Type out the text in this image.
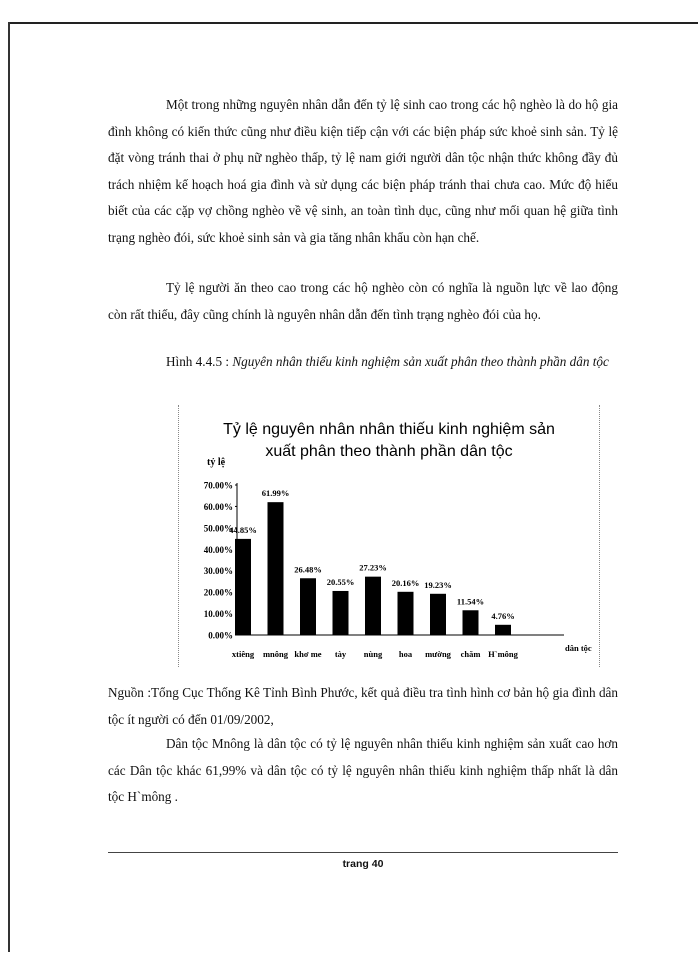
Một trong những nguyên nhân dẫn đến tỷ lệ sinh cao trong các hộ nghèo là do hộ gia đình không có kiến thức cũng như điều kiện tiếp cận với các biện pháp sức khoẻ sinh sản. Tỷ lệ đặt vòng tránh thai ở phụ nữ nghèo thấp, tỷ lệ nam giới người dân tộc nhận thức không đầy đủ trách nhiệm kế hoạch hoá gia đình và sử dụng các biện pháp tránh thai chưa cao. Mức độ hiểu biết của các cặp vợ chồng nghèo về vệ sinh, an toàn tình dục, cũng như mối quan hệ giữa tình trạng nghèo đói, sức khoẻ sinh sản và gia tăng nhân khẩu còn hạn chế.

Tỷ lệ người ăn theo cao trong các hộ nghèo còn có nghĩa là nguồn lực về lao động còn rất thiếu, đây cũng chính là nguyên nhân dẫn đến tình trạng nghèo đói của họ.

Hình 4.4.5 : Nguyên nhân thiếu kinh nghiệm sản xuất phân theo thành phần dân tộc

Tỷ lệ nguyên nhân nhân thiếu kinh nghiệm sản
xuất phân theo thành phần dân tộc
tỷ lệ
0.00%
10.00%
20.00%
30.00%
40.00%
50.00%
60.00%
70.00%
44.85%
xtiêng
61.99%
mnông
26.48%
khơ me
20.55%
tày
27.23%
nùng
20.16%
hoa
19.23%
mường
11.54%
chăm
4.76%
H`mông
dân tộc

Nguồn :Tổng Cục Thống Kê Tỉnh Bình Phước, kết quả điều tra tình hình cơ bản hộ gia đình dân tộc ít người có đến 01/09/2002,

Dân tộc Mnông là dân tộc có tỷ lệ nguyên nhân thiếu kinh nghiệm sản xuất cao hơn các Dân tộc khác 61,99% và dân tộc có tỷ lệ nguyên nhân thiếu kinh nghiệm thấp nhất là dân tộc H`mông .

trang 40
